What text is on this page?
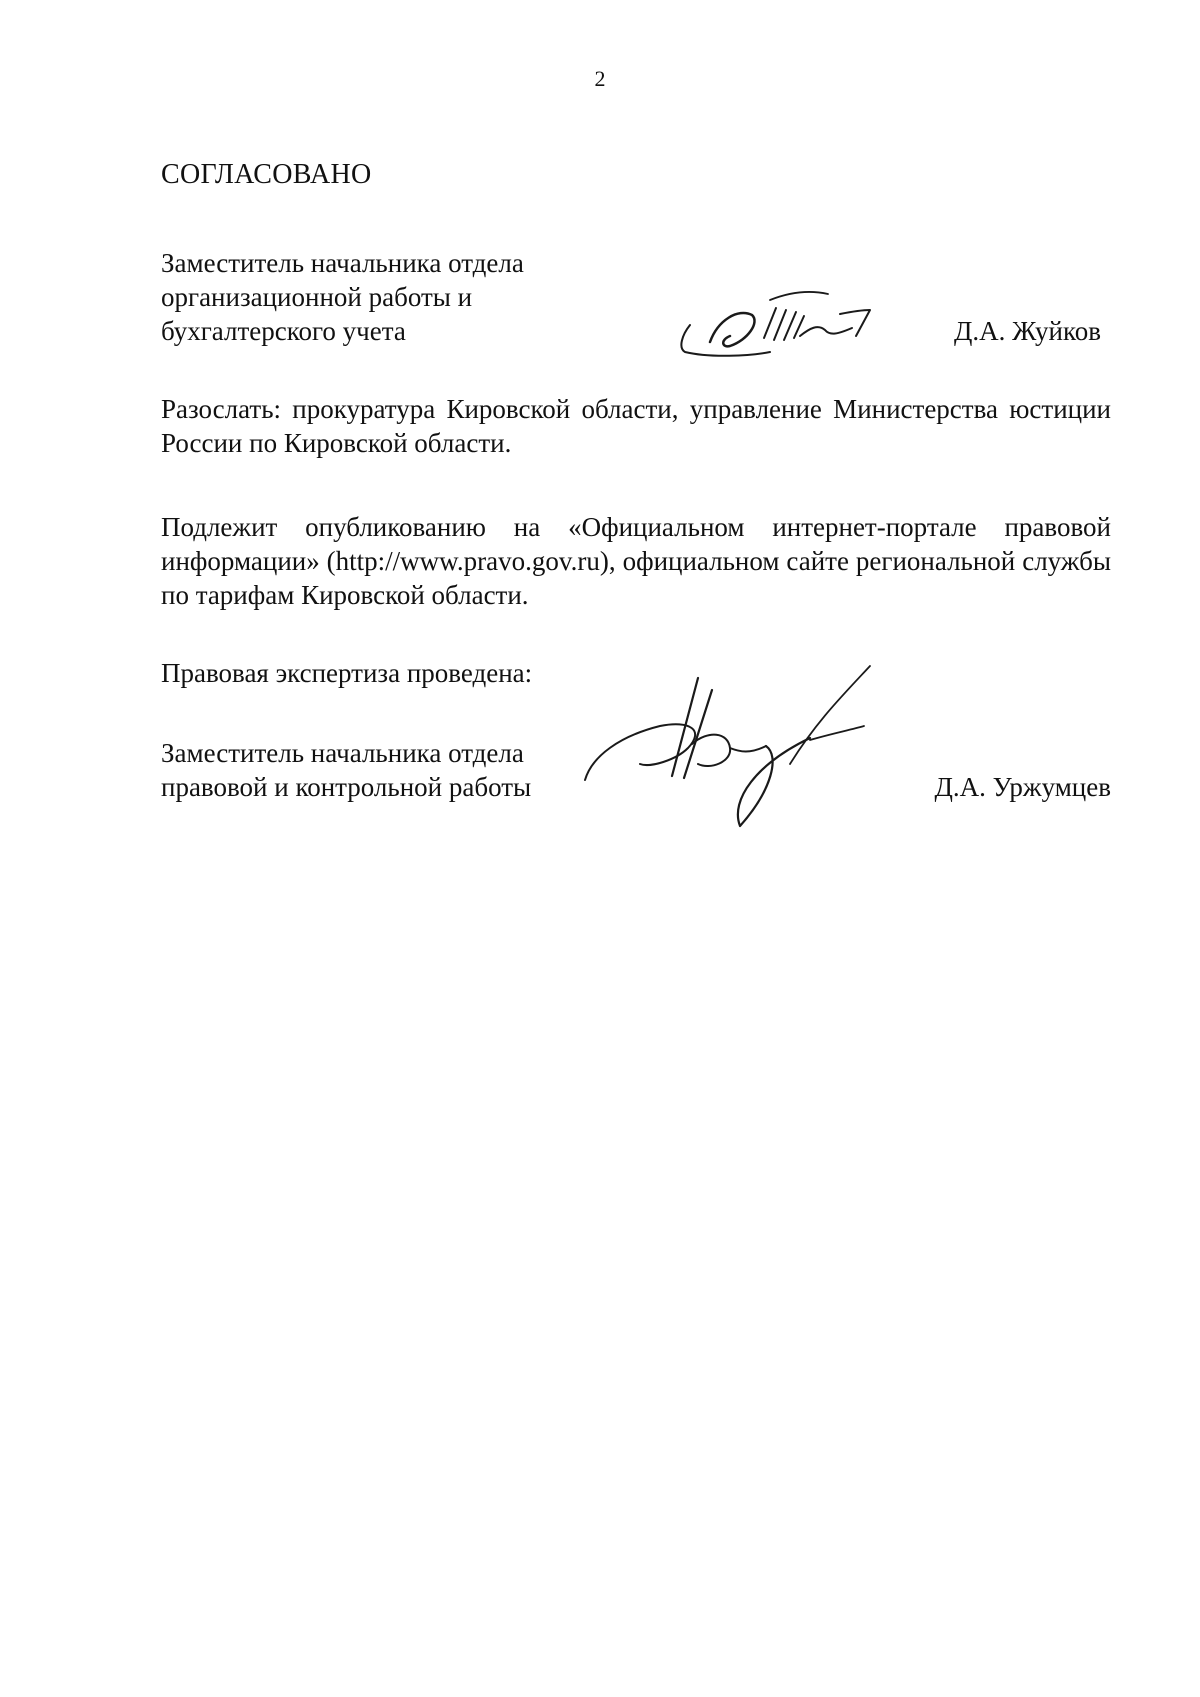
2
СОГЛАСОВАНО
Заместитель начальника отдела
организационной работы и
бухгалтерского учета	Д.А. Жуйков
Разослать: прокуратура Кировской области, управление Министерства юстиции России по Кировской области.
Подлежит опубликованию на «Официальном интернет-портале правовой информации» (http://www.pravo.gov.ru), официальном сайте региональной службы по тарифам Кировской области.
Правовая экспертиза проведена:
Заместитель начальника отдела
правовой и контрольной работы	Д.А. Уржумцев
